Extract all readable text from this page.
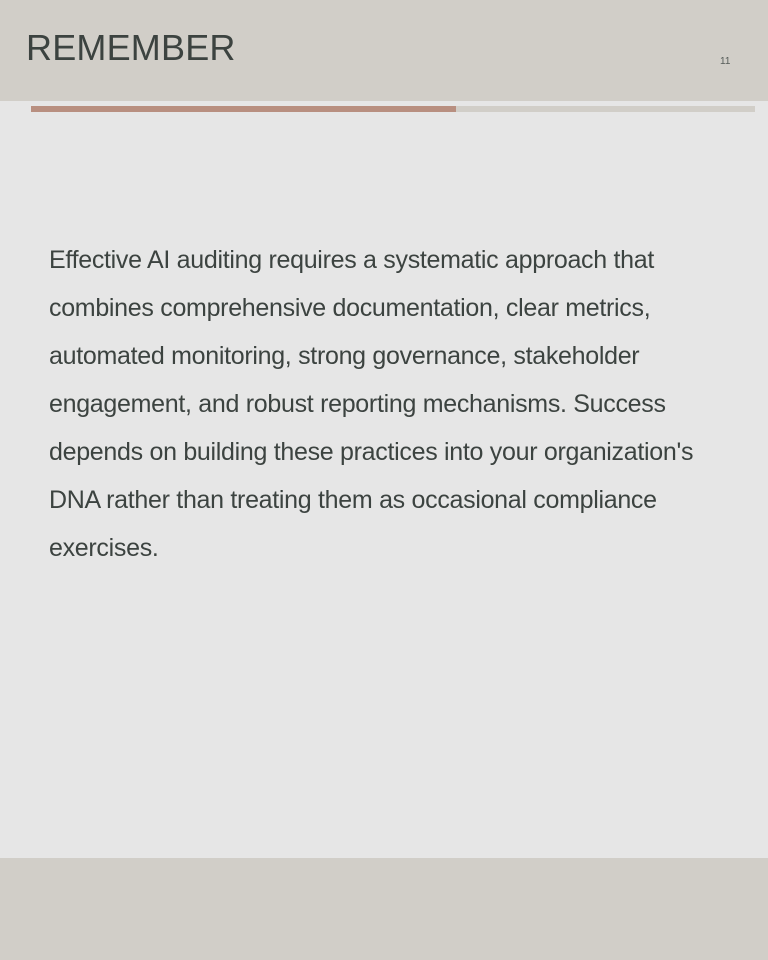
REMEMBER	11

Effective AI auditing requires a systematic approach that combines comprehensive documentation, clear metrics, automated monitoring, strong governance, stakeholder engagement, and robust reporting mechanisms. Success depends on building these practices into your organization's DNA rather than treating them as occasional compliance exercises.
